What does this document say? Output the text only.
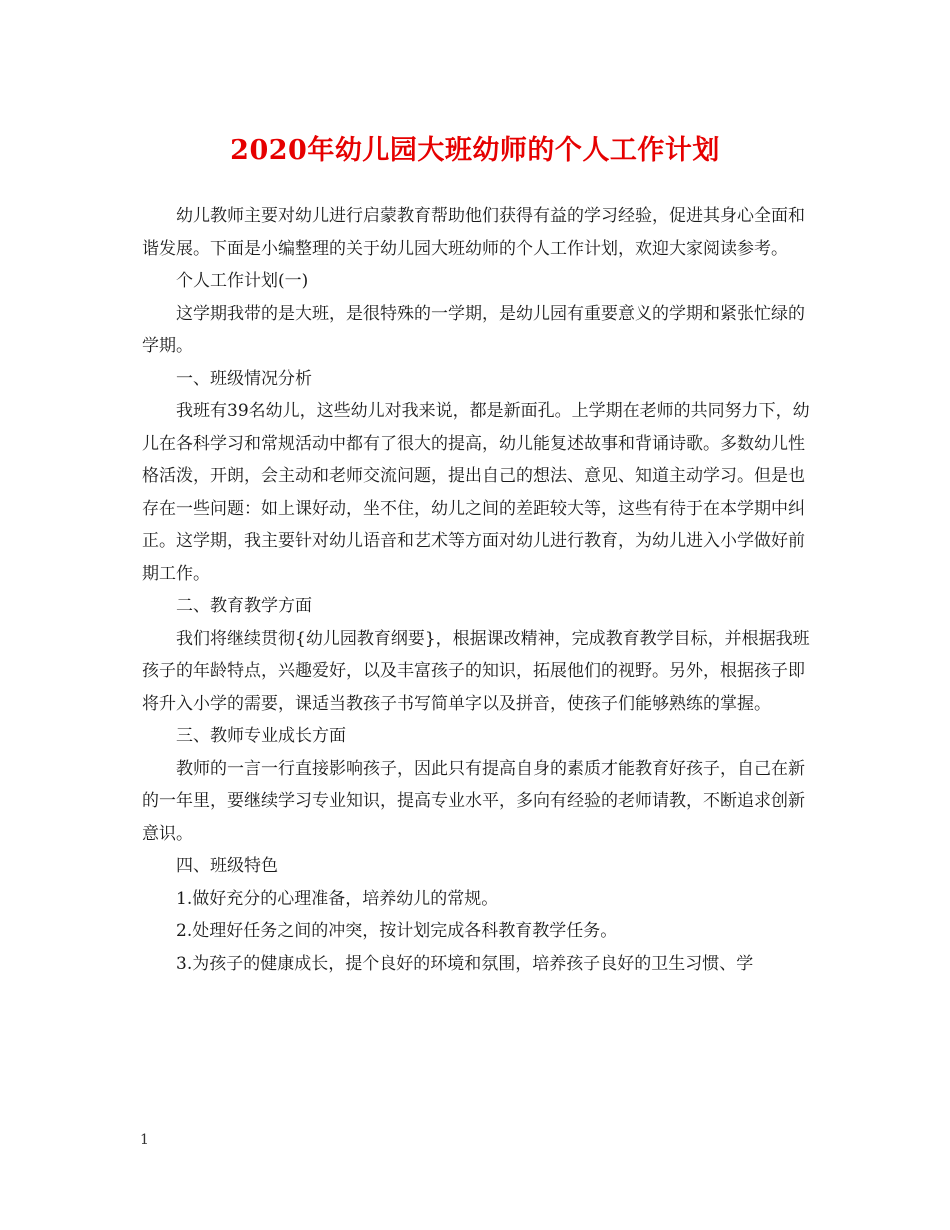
2020年幼儿园大班幼师的个人工作计划

幼儿教师主要对幼儿进行启蒙教育帮助他们获得有益的学习经验，促进其身心全面和谐发展。下面是小编整理的关于幼儿园大班幼师的个人工作计划，欢迎大家阅读参考。

个人工作计划(一)

这学期我带的是大班，是很特殊的一学期，是幼儿园有重要意义的学期和紧张忙绿的学期。

一、班级情况分析

我班有39名幼儿，这些幼儿对我来说，都是新面孔。上学期在老师的共同努力下，幼儿在各科学习和常规活动中都有了很大的提高，幼儿能复述故事和背诵诗歌。多数幼儿性格活泼，开朗，会主动和老师交流问题，提出自己的想法、意见、知道主动学习。但是也存在一些问题：如上课好动，坐不住，幼儿之间的差距较大等，这些有待于在本学期中纠正。这学期，我主要针对幼儿语音和艺术等方面对幼儿进行教育，为幼儿进入小学做好前期工作。

二、教育教学方面

我们将继续贯彻{幼儿园教育纲要}，根据课改精神，完成教育教学目标，并根据我班孩子的年龄特点，兴趣爱好，以及丰富孩子的知识，拓展他们的视野。另外，根据孩子即将升入小学的需要，课适当教孩子书写简单字以及拼音，使孩子们能够熟练的掌握。

三、教师专业成长方面

教师的一言一行直接影响孩子，因此只有提高自身的素质才能教育好孩子，自己在新的一年里，要继续学习专业知识，提高专业水平，多向有经验的老师请教，不断追求创新意识。

四、班级特色

1.做好充分的心理准备，培养幼儿的常规。

2.处理好任务之间的冲突，按计划完成各科教育教学任务。

3.为孩子的健康成长，提个良好的环境和氛围，培养孩子良好的卫生习惯、学

1
